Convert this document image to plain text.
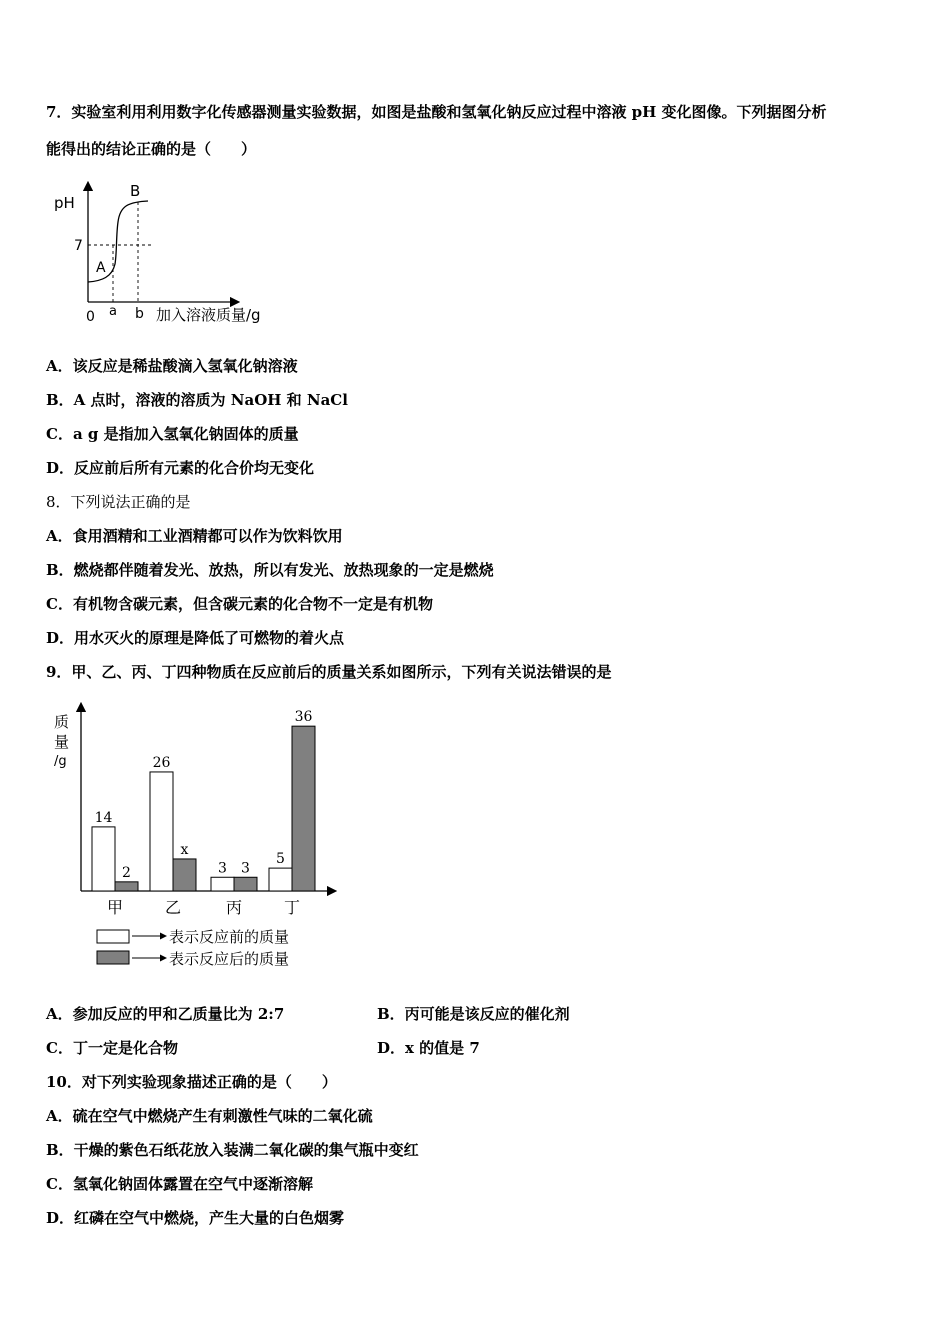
7．实验室利用利用数字化传感器测量实验数据，如图是盐酸和氢氧化钠反应过程中溶液 pH 变化图像。下列据图分析
能得出的结论正确的是（　　）
pH
7
A
B
0 a b 加入溶液质量/g
A．该反应是稀盐酸滴入氢氧化钠溶液
B．A 点时，溶液的溶质为 NaOH 和 NaCl
C．a g 是指加入氢氧化钠固体的质量
D．反应前后所有元素的化合价均无变化
8．下列说法正确的是
A．食用酒精和工业酒精都可以作为饮料饮用
B．燃烧都伴随着发光、放热，所以有发光、放热现象的一定是燃烧
C．有机物含碳元素，但含碳元素的化合物不一定是有机物
D．用水灭火的原理是降低了可燃物的着火点
9．甲、乙、丙、丁四种物质在反应前后的质量关系如图所示，下列有关说法错误的是
质
量
/g
14
2
26
x
3 3
5
36
甲	乙	丙	丁
表示反应前的质量
表示反应后的质量
A．参加反应的甲和乙质量比为 2:7	B．丙可能是该反应的催化剂
C．丁一定是化合物	D．x 的值是 7
10．对下列实验现象描述正确的是（　　）
A．硫在空气中燃烧产生有刺激性气味的二氧化硫
B．干燥的紫色石纸花放入装满二氧化碳的集气瓶中变红
C．氢氧化钠固体露置在空气中逐渐溶解
D．红磷在空气中燃烧，产生大量的白色烟雾
